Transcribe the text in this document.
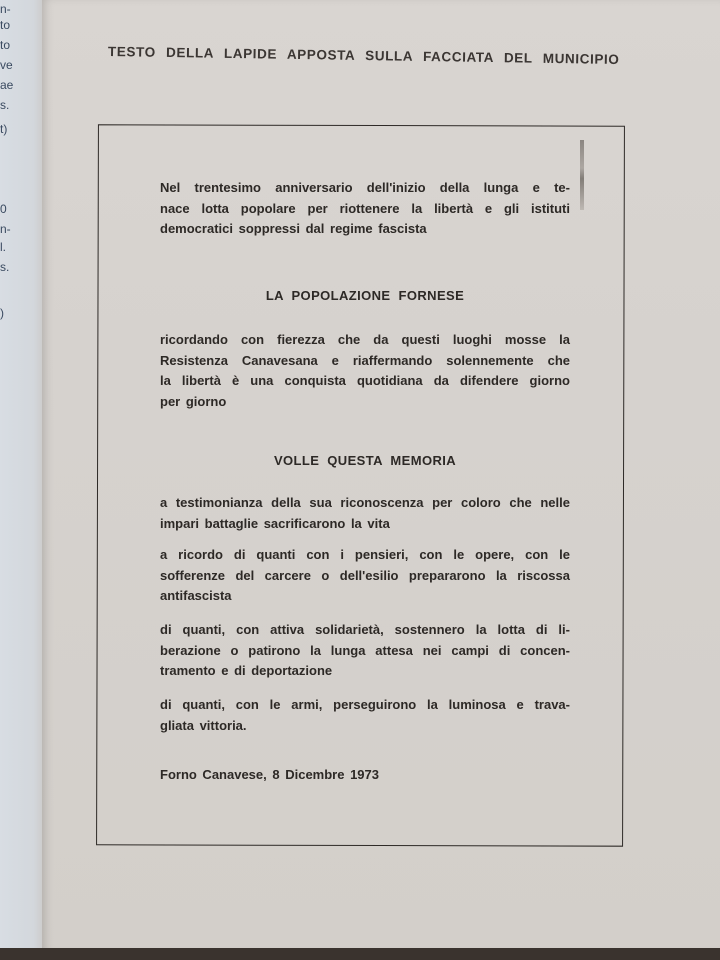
n-
to
to
ve
ae
s.
t)
0
n-
l.
s.
)
TESTO DELLA LAPIDE APPOSTA SULLA FACCIATA DEL MUNICIPIO
Nel trentesimo anniversario dell'inizio della lunga e te-
nace lotta popolare per riottenere la libertà e gli istituti
democratici soppressi dal regime fascista
LA POPOLAZIONE FORNESE
ricordando con fierezza che da questi luoghi mosse la
Resistenza Canavesana e riaffermando solennemente che
la libertà è una conquista quotidiana da difendere giorno
per giorno
VOLLE QUESTA MEMORIA
a testimonianza della sua riconoscenza per coloro che nelle
impari battaglie sacrificarono la vita
a ricordo di quanti con i pensieri, con le opere, con le
sofferenze del carcere o dell'esilio prepararono la riscossa
antifascista
di quanti, con attiva solidarietà, sostennero la lotta di li-
berazione o patirono la lunga attesa nei campi di concen-
tramento e di deportazione
di quanti, con le armi, perseguirono la luminosa e trava-
gliata vittoria.
Forno Canavese, 8 Dicembre 1973
